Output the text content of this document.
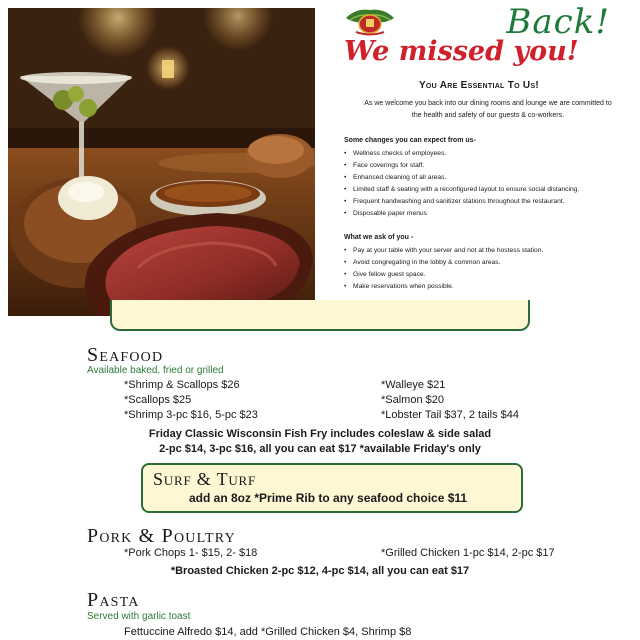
Back!
We missed you!
You Are Essential To Us!
As we welcome you back into our dining rooms and lounge we are committed to
the health and safety of our guests & co-workers.
Some changes you can expect from us-
• Wellness checks of employees.
• Face coverings for staff.
• Enhanced cleaning of all areas.
• Limited staff & seating with a reconfigured layout to ensure social distancing.
• Frequent handwashing and sanitizer stations throughout the restaurant.
• Disposable paper menus
What we ask of you -
• Pay at your table with your server and not at the hostess station.
• Avoid congregating in the lobby & common areas.
• Give fellow guest space.
• Make reservations when possible.
Seafood
Available baked, fried or grilled
*Shrimp & Scallops $26
*Scallops $25
*Shrimp 3-pc $16, 5-pc $23
*Walleye $21
*Salmon $20
*Lobster Tail $37, 2 tails $44
Friday Classic Wisconsin Fish Fry includes coleslaw & side salad
2-pc $14, 3-pc $16, all you can eat $17 *available Friday's only
Surf & Turf
add an 8oz *Prime Rib to any seafood choice $11
Pork & Poultry
*Pork Chops 1- $15, 2- $18	*Grilled Chicken 1-pc $14, 2-pc $17
*Broasted Chicken 2-pc $12, 4-pc $14, all you can eat $17
Pasta
Served with garlic toast
Fettuccine Alfredo $14, add *Grilled Chicken $4, Shrimp $8
